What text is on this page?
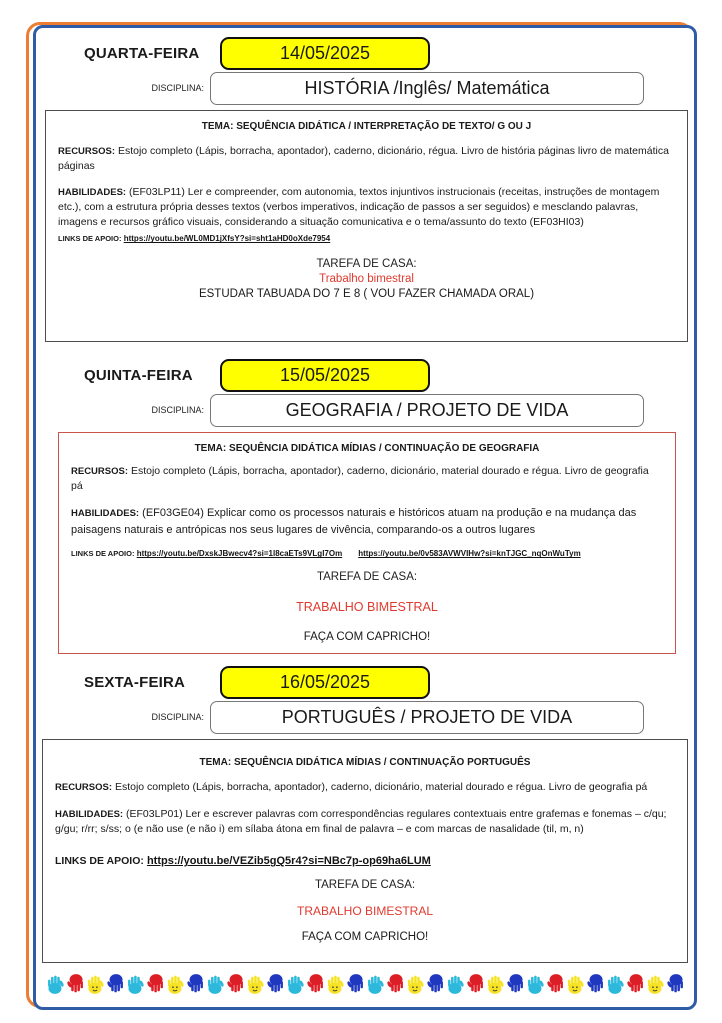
QUARTA-FEIRA	14/05/2025
DISCIPLINA:	HISTÓRIA /Inglês/ Matemática

TEMA: SEQUÊNCIA DIDÁTICA / INTERPRETAÇÃO DE TEXTO/ G OU J

RECURSOS: Estojo completo (Lápis, borracha, apontador), caderno, dicionário, régua. Livro de história páginas livro de matemática páginas

HABILIDADES: (EF03LP11) Ler e compreender, com autonomia, textos injuntivos instrucionais (receitas, instruções de montagem etc.), com a estrutura própria desses textos (verbos imperativos, indicação de passos a ser seguidos) e mesclando palavras, imagens e recursos gráfico visuais, considerando a situação comunicativa e o tema/assunto do texto (EF03HI03)

LINKS DE APOIO: https://youtu.be/WL0MD1jXfsY?si=sht1aHD0oXde7954

TAREFA DE CASA:

Trabalho bimestral

ESTUDAR TABUADA DO 7 E 8 ( VOU FAZER CHAMADA ORAL)

QUINTA-FEIRA	15/05/2025
DISCIPLINA:	GEOGRAFIA / PROJETO DE VIDA

TEMA: SEQUÊNCIA DIDÁTICA MÍDIAS / CONTINUAÇÃO DE GEOGRAFIA

RECURSOS: Estojo completo (Lápis, borracha, apontador), caderno, dicionário, material dourado e régua. Livro de geografia pá

HABILIDADES: (EF03GE04) Explicar como os processos naturais e históricos atuam na produção e na mudança das paisagens naturais e antrópicas nos seus lugares de vivência, comparando-os a outros lugares

LINKS DE APOIO: https://youtu.be/DxskJBwecv4?si=1l8caETs9VLgI7Om https://youtu.be/0v583AVWVIHw?si=knTJGC_nqOnWuTym

TAREFA DE CASA:

TRABALHO BIMESTRAL

FAÇA COM CAPRICHO!

SEXTA-FEIRA	16/05/2025
DISCIPLINA:	PORTUGUÊS / PROJETO DE VIDA

TEMA: SEQUÊNCIA DIDÁTICA MÍDIAS / CONTINUAÇÃO PORTUGUÊS

RECURSOS: Estojo completo (Lápis, borracha, apontador), caderno, dicionário, material dourado e régua. Livro de geografia pá

HABILIDADES: (EF03LP01) Ler e escrever palavras com correspondências regulares contextuais entre grafemas e fonemas – c/qu; g/gu; r/rr; s/ss; o (e não use (e não i) em sílaba átona em final de palavra – e com marcas de nasalidade (til, m, n)

LINKS DE APOIO: https://youtu.be/VEZib5gQ5r4?si=NBc7p-op69ha6LUM

TAREFA DE CASA:

TRABALHO BIMESTRAL

FAÇA COM CAPRICHO!
